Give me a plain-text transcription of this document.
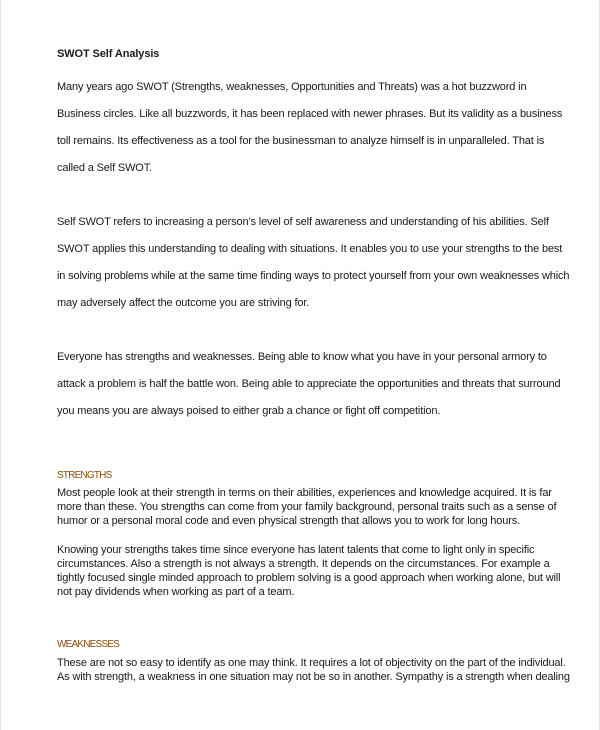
SWOT Self Analysis
Many years ago SWOT (Strengths, weaknesses, Opportunities and Threats) was a hot buzzword in
Business circles. Like all buzzwords, it has been replaced with newer phrases. But its validity as a business
toll remains. Its effectiveness as a tool for the businessman to analyze himself is in unparalleled. That is
called a Self SWOT.
Self SWOT refers to increasing a person’s level of self awareness and understanding of his abilities. Self
SWOT applies this understanding to dealing with situations. It enables you to use your strengths to the best
in solving problems while at the same time finding ways to protect yourself from your own weaknesses which
may adversely affect the outcome you are striving for.
Everyone has strengths and weaknesses. Being able to know what you have in your personal armory to
attack a problem is half the battle won. Being able to appreciate the opportunities and threats that surround
you means you are always poised to either grab a chance or fight off competition.
STRENGTHS
Most people look at their strength in terms on their abilities, experiences and knowledge acquired. It is far
more than these. You strengths can come from your family background, personal traits such as a sense of
humor or a personal moral code and even physical strength that allows you to work for long hours.
Knowing your strengths takes time since everyone has latent talents that come to light only in specific
circumstances. Also a strength is not always a strength. It depends on the circumstances. For example a
tightly focused single minded approach to problem solving is a good approach when working alone, but will
not pay dividends when working as part of a team.
WEAKNESSES
These are not so easy to identify as one may think. It requires a lot of objectivity on the part of the individual.
As with strength, a weakness in one situation may not be so in another. Sympathy is a strength when dealing
